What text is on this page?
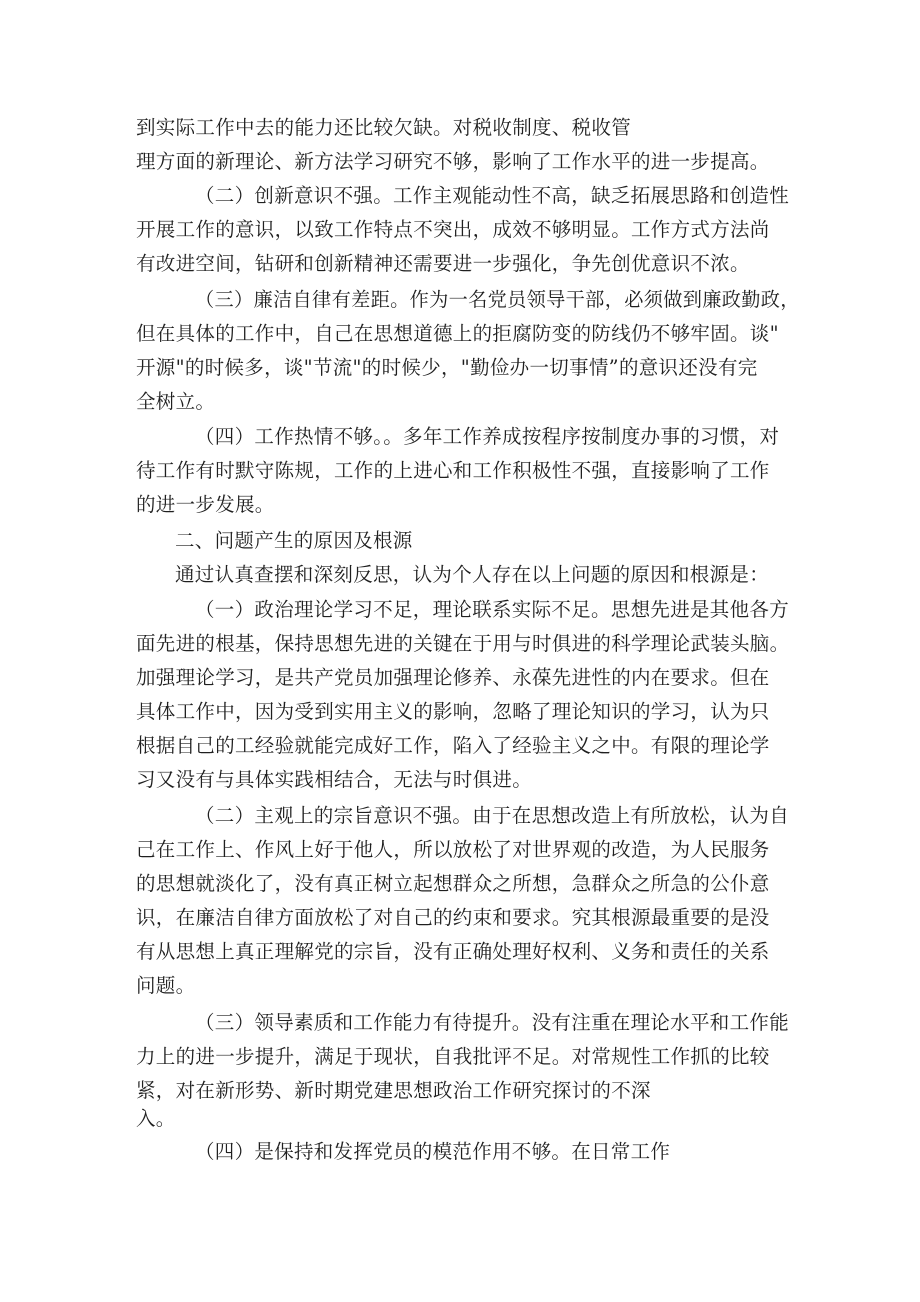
到实际工作中去的能力还比较欠缺。对税收制度、税收管
理方面的新理论、新方法学习研究不够，影响了工作水平的进一步提高。
（二）创新意识不强。工作主观能动性不高，缺乏拓展思路和创造性
开展工作的意识，以致工作特点不突出，成效不够明显。工作方式方法尚
有改进空间，钻研和创新精神还需要进一步强化，争先创优意识不浓。
（三）廉洁自律有差距。作为一名党员领导干部，必须做到廉政勤政，
但在具体的工作中，自己在思想道德上的拒腐防变的防线仍不够牢固。谈"
开源"的时候多，谈"节流"的时候少，"勤俭办一切事情”的意识还没有完
全树立。
（四）工作热情不够。。多年工作养成按程序按制度办事的习惯，对
待工作有时默守陈规，工作的上进心和工作积极性不强，直接影响了工作
的进一步发展。
二、问题产生的原因及根源
通过认真查摆和深刻反思，认为个人存在以上问题的原因和根源是：
（一）政治理论学习不足，理论联系实际不足。思想先进是其他各方
面先进的根基，保持思想先进的关键在于用与时俱进的科学理论武装头脑。
加强理论学习，是共产党员加强理论修养、永葆先进性的内在要求。但在
具体工作中，因为受到实用主义的影响，忽略了理论知识的学习，认为只
根据自己的工经验就能完成好工作，陷入了经验主义之中。有限的理论学
习又没有与具体实践相结合，无法与时俱进。
（二）主观上的宗旨意识不强。由于在思想改造上有所放松，认为自
己在工作上、作风上好于他人，所以放松了对世界观的改造，为人民服务
的思想就淡化了，没有真正树立起想群众之所想，急群众之所急的公仆意
识，在廉洁自律方面放松了对自己的约束和要求。究其根源最重要的是没
有从思想上真正理解党的宗旨，没有正确处理好权利、义务和责任的关系
问题。
（三）领导素质和工作能力有待提升。没有注重在理论水平和工作能
力上的进一步提升，满足于现状，自我批评不足。对常规性工作抓的比较
紧，对在新形势、新时期党建思想政治工作研究探讨的不深
入。
（四）是保持和发挥党员的模范作用不够。在日常工作
